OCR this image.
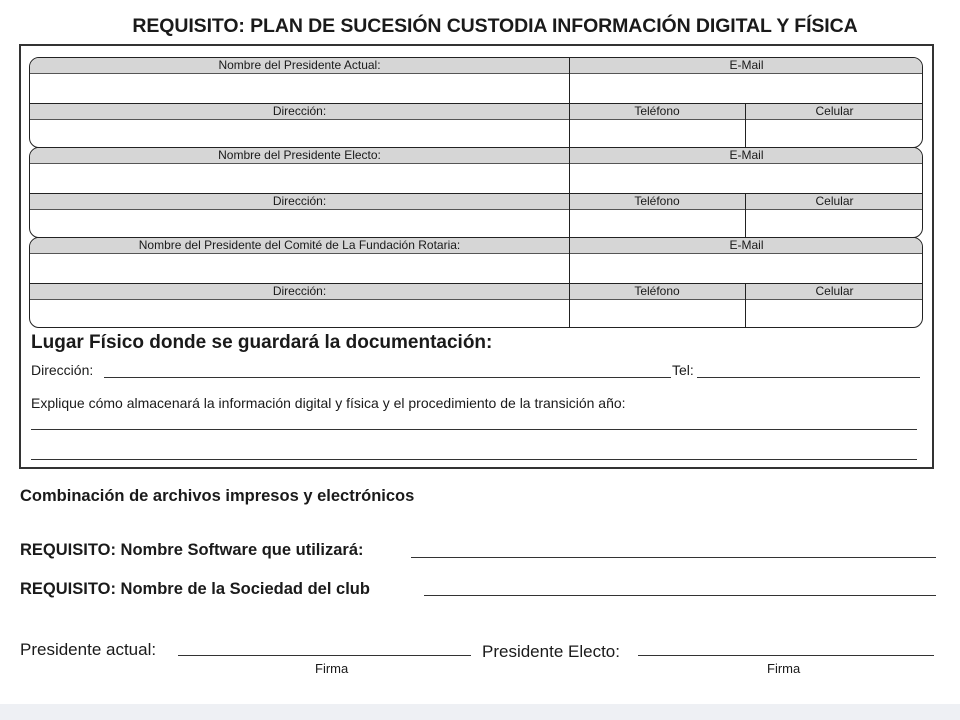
REQUISITO: PLAN DE SUCESIÓN CUSTODIA INFORMACIÓN DIGITAL Y FÍSICA
Nombre del Presidente Actual:	E-Mail
Dirección:	Teléfono	Celular
Nombre del Presidente Electo:	E-Mail
Dirección:	Teléfono	Celular
Nombre del Presidente del Comité de La Fundación Rotaria:	E-Mail
Dirección:	Teléfono	Celular
Lugar Físico donde se guardará la documentación:
Dirección:	Tel:
Explique cómo almacenará la información digital y física y el procedimiento de la transición año:
Combinación de archivos impresos y electrónicos
REQUISITO: Nombre Software que utilizará:
REQUISITO: Nombre de la Sociedad del club
Presidente actual:
Firma
Presidente Electo:
Firma
